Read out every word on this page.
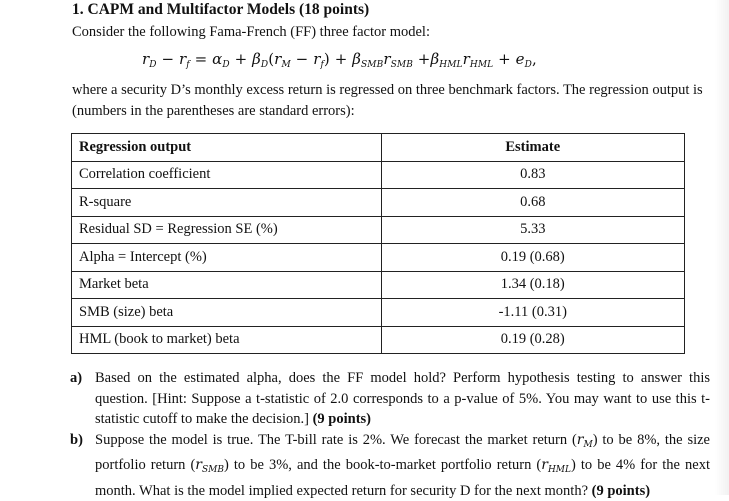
1. CAPM and Multifactor Models (18 points)
Consider the following Fama-French (FF) three factor model:
$r_D - r_f = \alpha_D + \beta_D(r_M - r_f) + \beta_{SMB}r_{SMB} +\beta_{HML}r_{HML} + e_D$,
where a security D’s monthly excess return is regressed on three benchmark factors. The regression output is (numbers in the parentheses are standard errors):
Regression output	Estimate
Correlation coefficient	0.83
R-square	0.68
Residual SD = Regression SE (%)	5.33
Alpha = Intercept (%)	0.19 (0.68)
Market beta	1.34 (0.18)
SMB (size) beta	-1.11 (0.31)
HML (book to market) beta	0.19 (0.28)
a) Based on the estimated alpha, does the FF model hold? Perform hypothesis testing to answer this question. [Hint: Suppose a t-statistic of 2.0 corresponds to a p-value of 5%. You may want to use this t-statistic cutoff to make the decision.] (9 points)
b) Suppose the model is true. The T-bill rate is 2%. We forecast the market return $(r_M)$ to be 8%, the size portfolio return $(r_{SMB})$ to be 3%, and the book-to-market portfolio return $(r_{HML})$ to be 4% for the next month. What is the model implied expected return for security D for the next month? (9 points)
